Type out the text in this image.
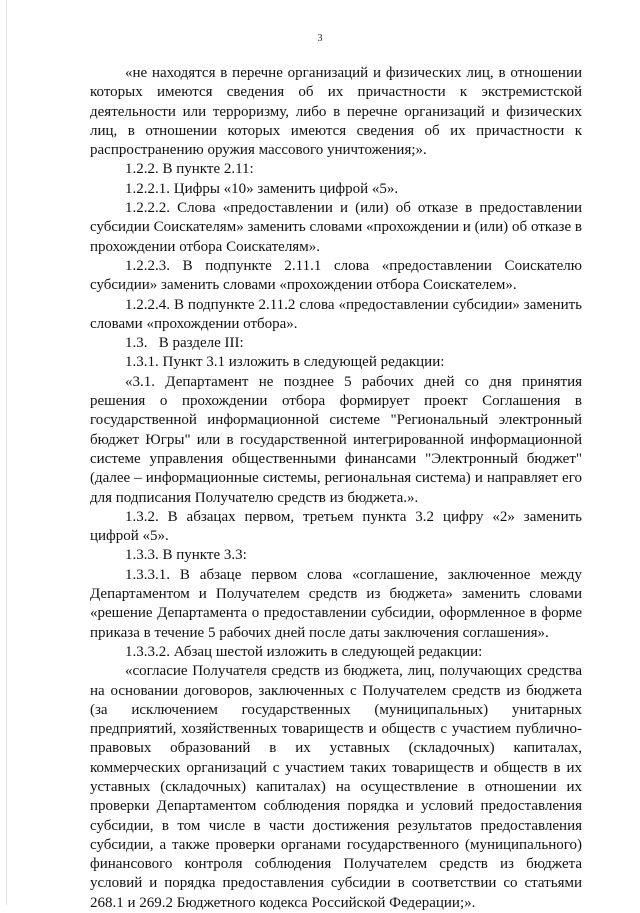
3

«не находятся в перечне организаций и физических лиц, в отношении которых имеются сведения об их причастности к экстремистской деятельности или терроризму, либо в перечне организаций и физических лиц, в отношении которых имеются сведения об их причастности к распространению оружия массового уничтожения;».

1.2.2. В пункте 2.11:

1.2.2.1. Цифры «10» заменить цифрой «5».

1.2.2.2. Слова «предоставлении и (или) об отказе в предоставлении субсидии Соискателям» заменить словами «прохождении и (или) об отказе в прохождении отбора Соискателям».

1.2.2.3. В подпункте 2.11.1 слова «предоставлении Соискателю субсидии» заменить словами «прохождении отбора Соискателем».

1.2.2.4. В подпункте 2.11.2 слова «предоставлении субсидии» заменить словами «прохождении отбора».

1.3.   В разделе III:

1.3.1. Пункт 3.1 изложить в следующей редакции:

«3.1. Департамент не позднее 5 рабочих дней со дня принятия решения о прохождении отбора формирует проект Соглашения в государственной информационной системе "Региональный электронный бюджет Югры" или в государственной интегрированной информационной системе управления общественными финансами "Электронный бюджет" (далее – информационные системы, региональная система) и направляет его для подписания Получателю средств из бюджета.».

1.3.2. В абзацах первом, третьем пункта 3.2 цифру «2» заменить цифрой «5».

1.3.3. В пункте 3.3:

1.3.3.1. В абзаце первом слова «соглашение, заключенное между Департаментом и Получателем средств из бюджета» заменить словами «решение Департамента о предоставлении субсидии, оформленное в форме приказа в течение 5 рабочих дней после даты заключения соглашения».

1.3.3.2. Абзац шестой изложить в следующей редакции:

«согласие Получателя средств из бюджета, лиц, получающих средства на основании договоров, заключенных с Получателем средств из бюджета (за исключением государственных (муниципальных) унитарных предприятий, хозяйственных товариществ и обществ с участием публично-правовых образований в их уставных (складочных) капиталах, коммерческих организаций с участием таких товариществ и обществ в их уставных (складочных) капиталах) на осуществление в отношении их проверки Департаментом соблюдения порядка и условий предоставления субсидии, в том числе в части достижения результатов предоставления субсидии, а также проверки органами государственного (муниципального) финансового контроля соблюдения Получателем средств из бюджета условий и порядка предоставления субсидии в соответствии со статьями 268.1 и 269.2 Бюджетного кодекса Российской Федерации;».
